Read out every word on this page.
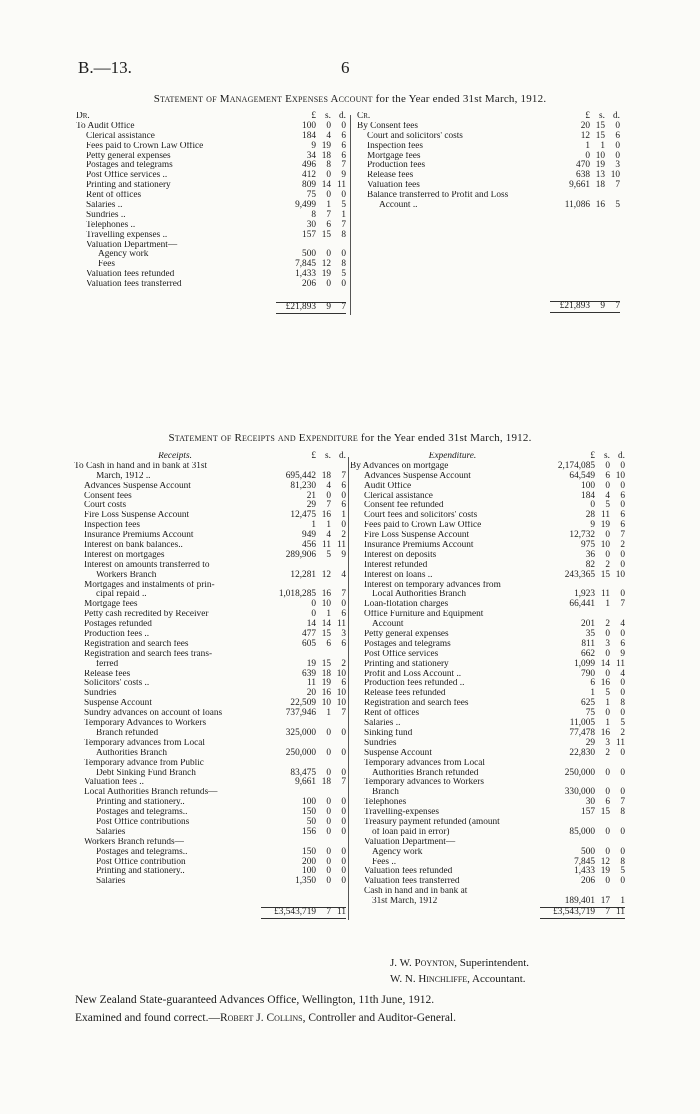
B.—13.	6
Statement of Management Expenses Account for the Year ended 31st March, 1912.
Dr.	£ s. d.
To Audit Office	100	0	0
Clerical assistance	184	4	6
Fees paid to Crown Law Office	9 19	6
Petty general expenses	34 18	6
Postages and telegrams	496	8	7
Post Office services ..	412	0	9
Printing and stationery	809 14 11
Rent of offices	75	0	0
Salaries ..	9,499	1	5
Sundries ..	8	7	1
Telephones ..	30	6	7
Travelling expenses ..	157 15	8
Valuation Department—
Agency work	500	0	0
Fees	7,845 12	8
Valuation fees refunded	1,433 19	5
Valuation fees transferred	206	0	0
£21,893	9	7
Cr.	£ s. d.
By Consent fees	20 15	0
Court and solicitors' costs	12 15	6
Inspection fees	1	1	0
Mortgage fees	0 10	0
Production fees	470 19	3
Release fees	638 13 10
Valuation fees	9,661 18	7
Balance transferred to Profit and Loss
Account ..	11,086 16	5
£21,893	9	7
Statement of Receipts and Expenditure for the Year ended 31st March, 1912.
Receipts.	£ s. d.
To Cash in hand and in bank at 31st
March, 1912 ..	695,442 18	7
Advances Suspense Account	81,230	4	6
Consent fees	21	0	0
Court costs	29	7	6
Fire Loss Suspense Account	12,475 16	1
Inspection fees	1	1	0
Insurance Premiums Account	949	4	2
Interest on bank balances..	456 11 11
Interest on mortgages	289,906	5	9
Interest on amounts transferred to
Workers Branch	12,281 12	4
Mortgages and instalments of prin-
cipal repaid ..	1,018,285 16	7
Mortgage fees	0 10	0
Petty cash recredited by Receiver	0	1	6
Postages refunded	14 14 11
Production fees ..	477 15	3
Registration and search fees	605	6	6
Registration and search fees trans-
ferred	19 15	2
Release fees	639 18 10
Solicitors' costs ..	11 19	6
Sundries	20 16 10
Suspense Account	22,509 10 10
Sundry advances on account of loans	737,946	1	7
Temporary Advances to Workers
Branch refunded	325,000	0	0
Temporary advances from Local
Authorities Branch	250,000	0	0
Temporary advance from Public
Debt Sinking Fund Branch	83,475	0	0
Valuation fees ..	9,661 18	7
Local Authorities Branch refunds—
Printing and stationery..	100	0	0
Postages and telegrams..	150	0	0
Post Office contributions	50	0	0
Salaries	156	0	0
Workers Branch refunds—
Postages and telegrams..	150	0	0
Post Office contribution	200	0	0
Printing and stationery..	100	0	0
Salaries	1,350	0	0
£3,543,719	7 11
Expenditure.	£ s. d.
By Advances on mortgage	2,174,085	0	0
Advances Suspense Account	64,549	6 10
Audit Office	100	0	0
Clerical assistance	184	4	6
Consent fee refunded	0	5	0
Court fees and solicitors' costs	28 11	6
Fees paid to Crown Law Office	9 19	6
Fire Loss Suspense Account	12,732	0	7
Insurance Premiums Account	975 10	2
Interest on deposits	36	0	0
Interest refunded	82	2	0
Interest on loans ..	243,365 15 10
Interest on temporary advances from
Local Authorities Branch	1,923 11	0
Loan-flotation charges	66,441	1	7
Office Furniture and Equipment
Account	201	2	4
Petty general expenses	35	0	0
Postages and telegrams	811	3	6
Post Office services	662	0	9
Printing and stationery	1,099 14 11
Profit and Loss Account ..	790	0	4
Production fees refunded ..	6 16	0
Release fees refunded	1	5	0
Registration and search fees	625	1	8
Rent of offices	75	0	0
Salaries ..	11,005	1	5
Sinking fund	77,478 16	2
Sundries	29	3 11
Suspense Account	22,830	2	0
Temporary advances from Local
Authorities Branch refunded	250,000	0	0
Temporary advances to Workers
Branch	330,000	0	0
Telephones	30	6	7
Travelling-expenses	157 15	8
Treasury payment refunded (amount
of loan paid in error)	85,000	0	0
Valuation Department—
Agency work	500	0	0
Fees ..	7,845 12	8
Valuation fees refunded	1,433 19	5
Valuation fees transferred	206	0	0
Cash in hand and in bank at
31st March, 1912	189,401 17	1
£3,543,719	7 11
J. W. Poynton, Superintendent.
W. N. Hinchliffe, Accountant.
New Zealand State-guaranteed Advances Office, Wellington, 11th June, 1912.
Examined and found correct.—Robert J. Collins, Controller and Auditor-General.
